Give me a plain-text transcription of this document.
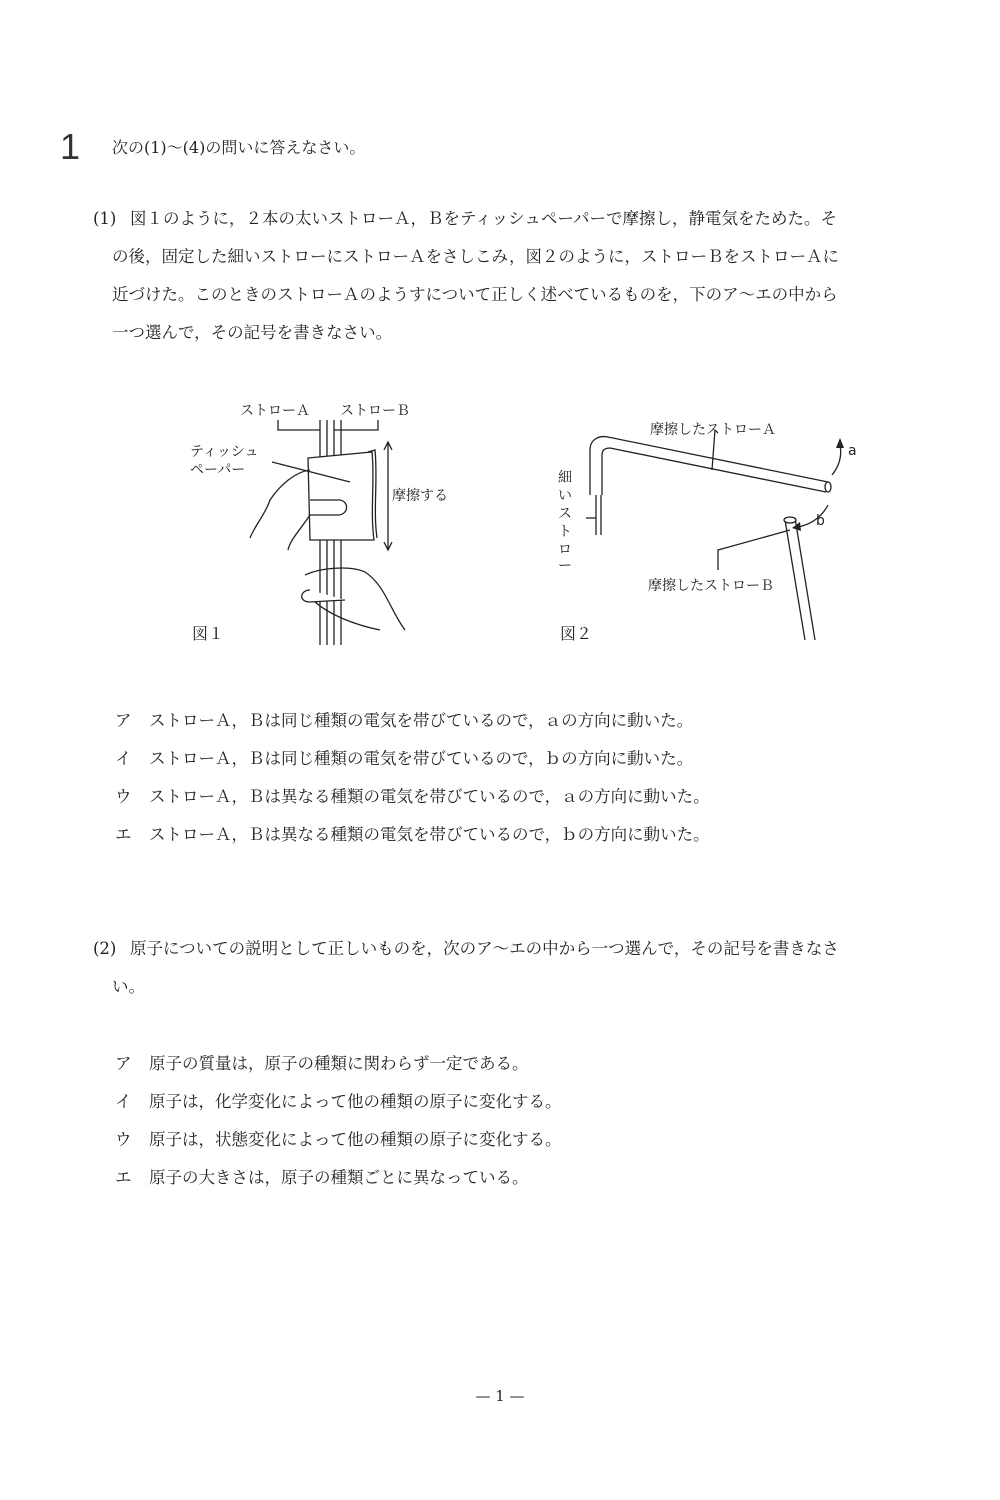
1 次の(1)〜(4)の問いに答えなさい。
(1) 図１のように，２本の太いストローＡ，Ｂをティッシュペーパーで摩擦し，静電気をためた。そ
の後，固定した細いストローにストローＡをさしこみ，図２のように，ストローＢをストローＡに
近づけた。このときのストローＡのようすについて正しく述べているものを，下のア〜エの中から
一つ選んで，その記号を書きなさい。
ストローＡ ストローＢ
ティッシュ
ペーパー
摩擦する
図１
摩擦したストローＡ
a
b
摩擦したストローＢ
細
い
ス
ト
ロ
ー
図２
ア ストローＡ，Ｂは同じ種類の電気を帯びているので，ａの方向に動いた。
イ ストローＡ，Ｂは同じ種類の電気を帯びているので，ｂの方向に動いた。
ウ ストローＡ，Ｂは異なる種類の電気を帯びているので，ａの方向に動いた。
エ ストローＡ，Ｂは異なる種類の電気を帯びているので，ｂの方向に動いた。
(2) 原子についての説明として正しいものを，次のア〜エの中から一つ選んで，その記号を書きなさ
い。
ア 原子の質量は，原子の種類に関わらず一定である。
イ 原子は，化学変化によって他の種類の原子に変化する。
ウ 原子は，状態変化によって他の種類の原子に変化する。
エ 原子の大きさは，原子の種類ごとに異なっている。
— 1 —
